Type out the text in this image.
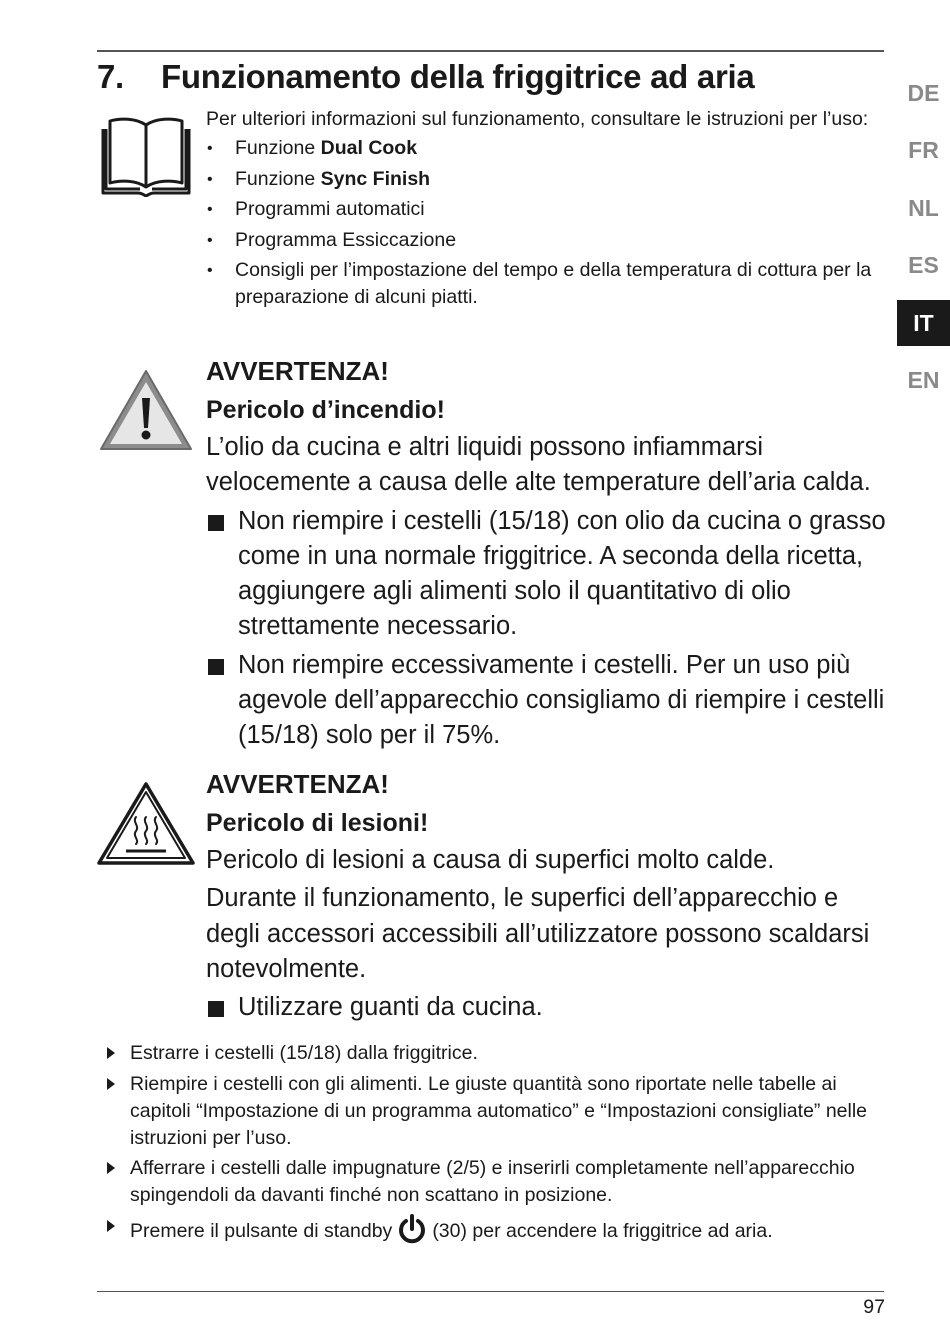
7. Funzionamento della friggitrice ad aria	DE
FR
NL
ES
IT
EN

Per ulteriori informazioni sul funzionamento, consultare le istruzioni per l’uso:

• Funzione Dual Cook
• Funzione Sync Finish
• Programmi automatici
• Programma Essiccazione
• Consigli per l’impostazione del tempo e della temperatura di cottura per la preparazione di alcuni piatti.
AVVERTENZA!
Pericolo d’incendio!

L’olio da cucina e altri liquidi possono infiammarsi velocemente a causa delle alte temperature dell’aria calda.

Non riempire i cestelli (15/18) con olio da cucina o grasso come in una normale friggitrice. A seconda della ricetta, aggiungere agli alimenti solo il quantitativo di olio strettamente necessario.
Non riempire eccessivamente i cestelli. Per un uso più agevole dell’apparecchio consigliamo di riempire i cestelli (15/18) solo per il 75%.
AVVERTENZA!
Pericolo di lesioni!

Pericolo di lesioni a causa di superfici molto calde.

Durante il funzionamento, le superfici dell’apparecchio e degli accessori accessibili all’utilizzatore possono scaldarsi notevolmente.

Utilizzare guanti da cucina.
Estrarre i cestelli (15/18) dalla friggitrice.
Riempire i cestelli con gli alimenti. Le giuste quantità sono riportate nelle tabelle ai capitoli “Impostazione di un programma automatico” e “Impostazioni consigliate” nelle istruzioni per l’uso.
Afferrare i cestelli dalle impugnature (2/5) e inserirli completamente nell’apparecchio spingendoli da davanti finché non scattano in posizione.
Premere il pulsante di standby (30) per accendere la friggitrice ad aria.
97
